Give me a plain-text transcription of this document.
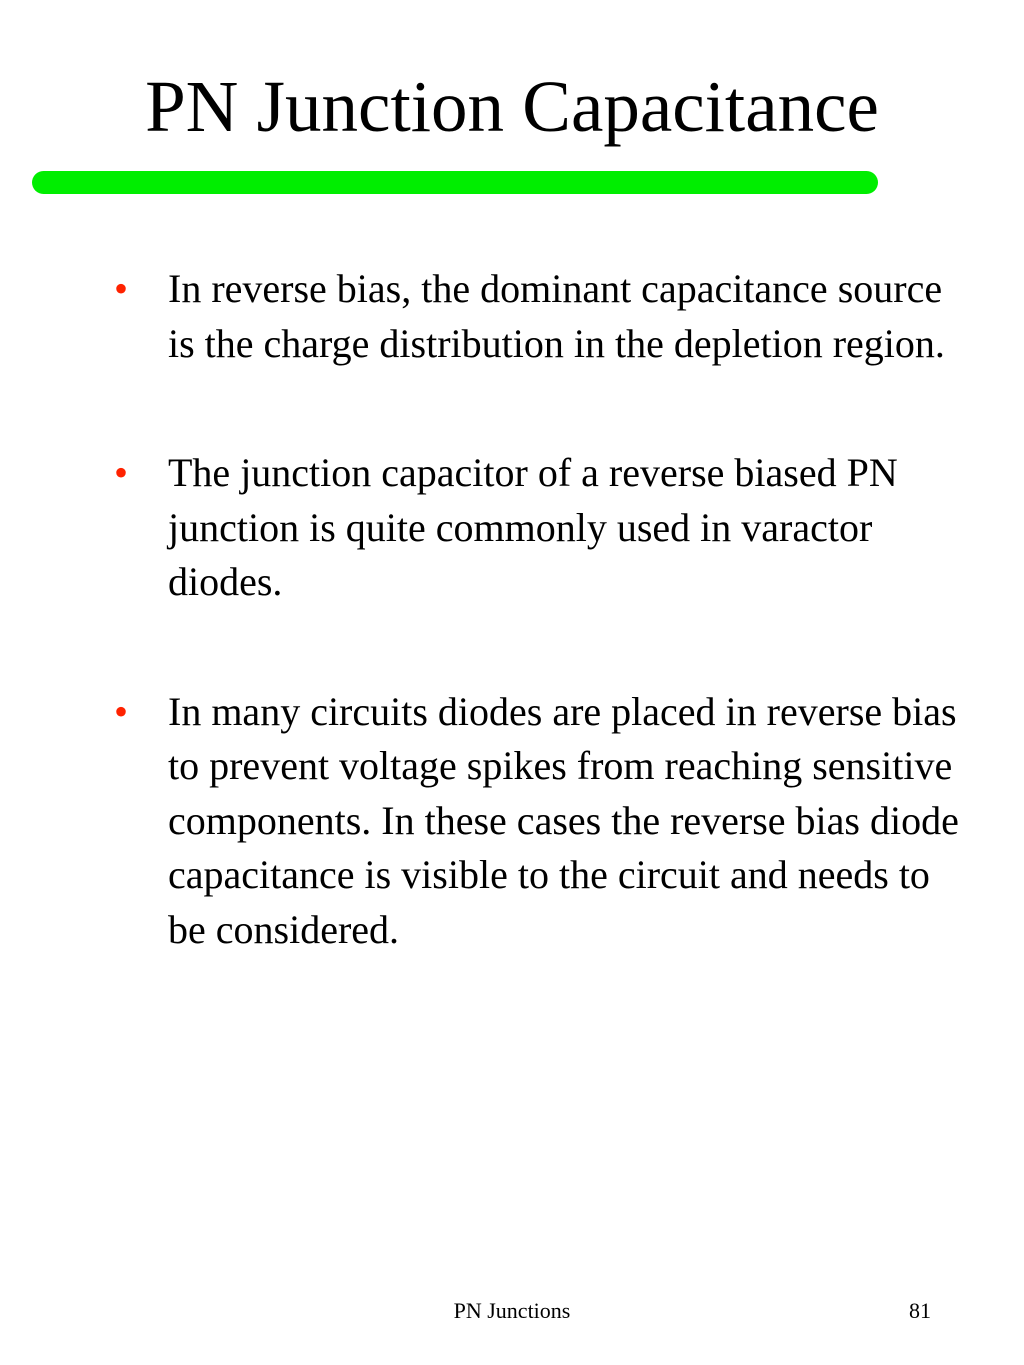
PN Junction Capacitance
• In reverse bias, the dominant capacitance source is the charge distribution in the depletion region.
• The junction capacitor of a reverse biased PN junction is quite commonly used in varactor diodes.
• In many circuits diodes are placed in reverse bias to prevent voltage spikes from reaching sensitive components. In these cases the reverse bias diode capacitance is visible to the circuit and needs to be considered.
PN Junctions	81
